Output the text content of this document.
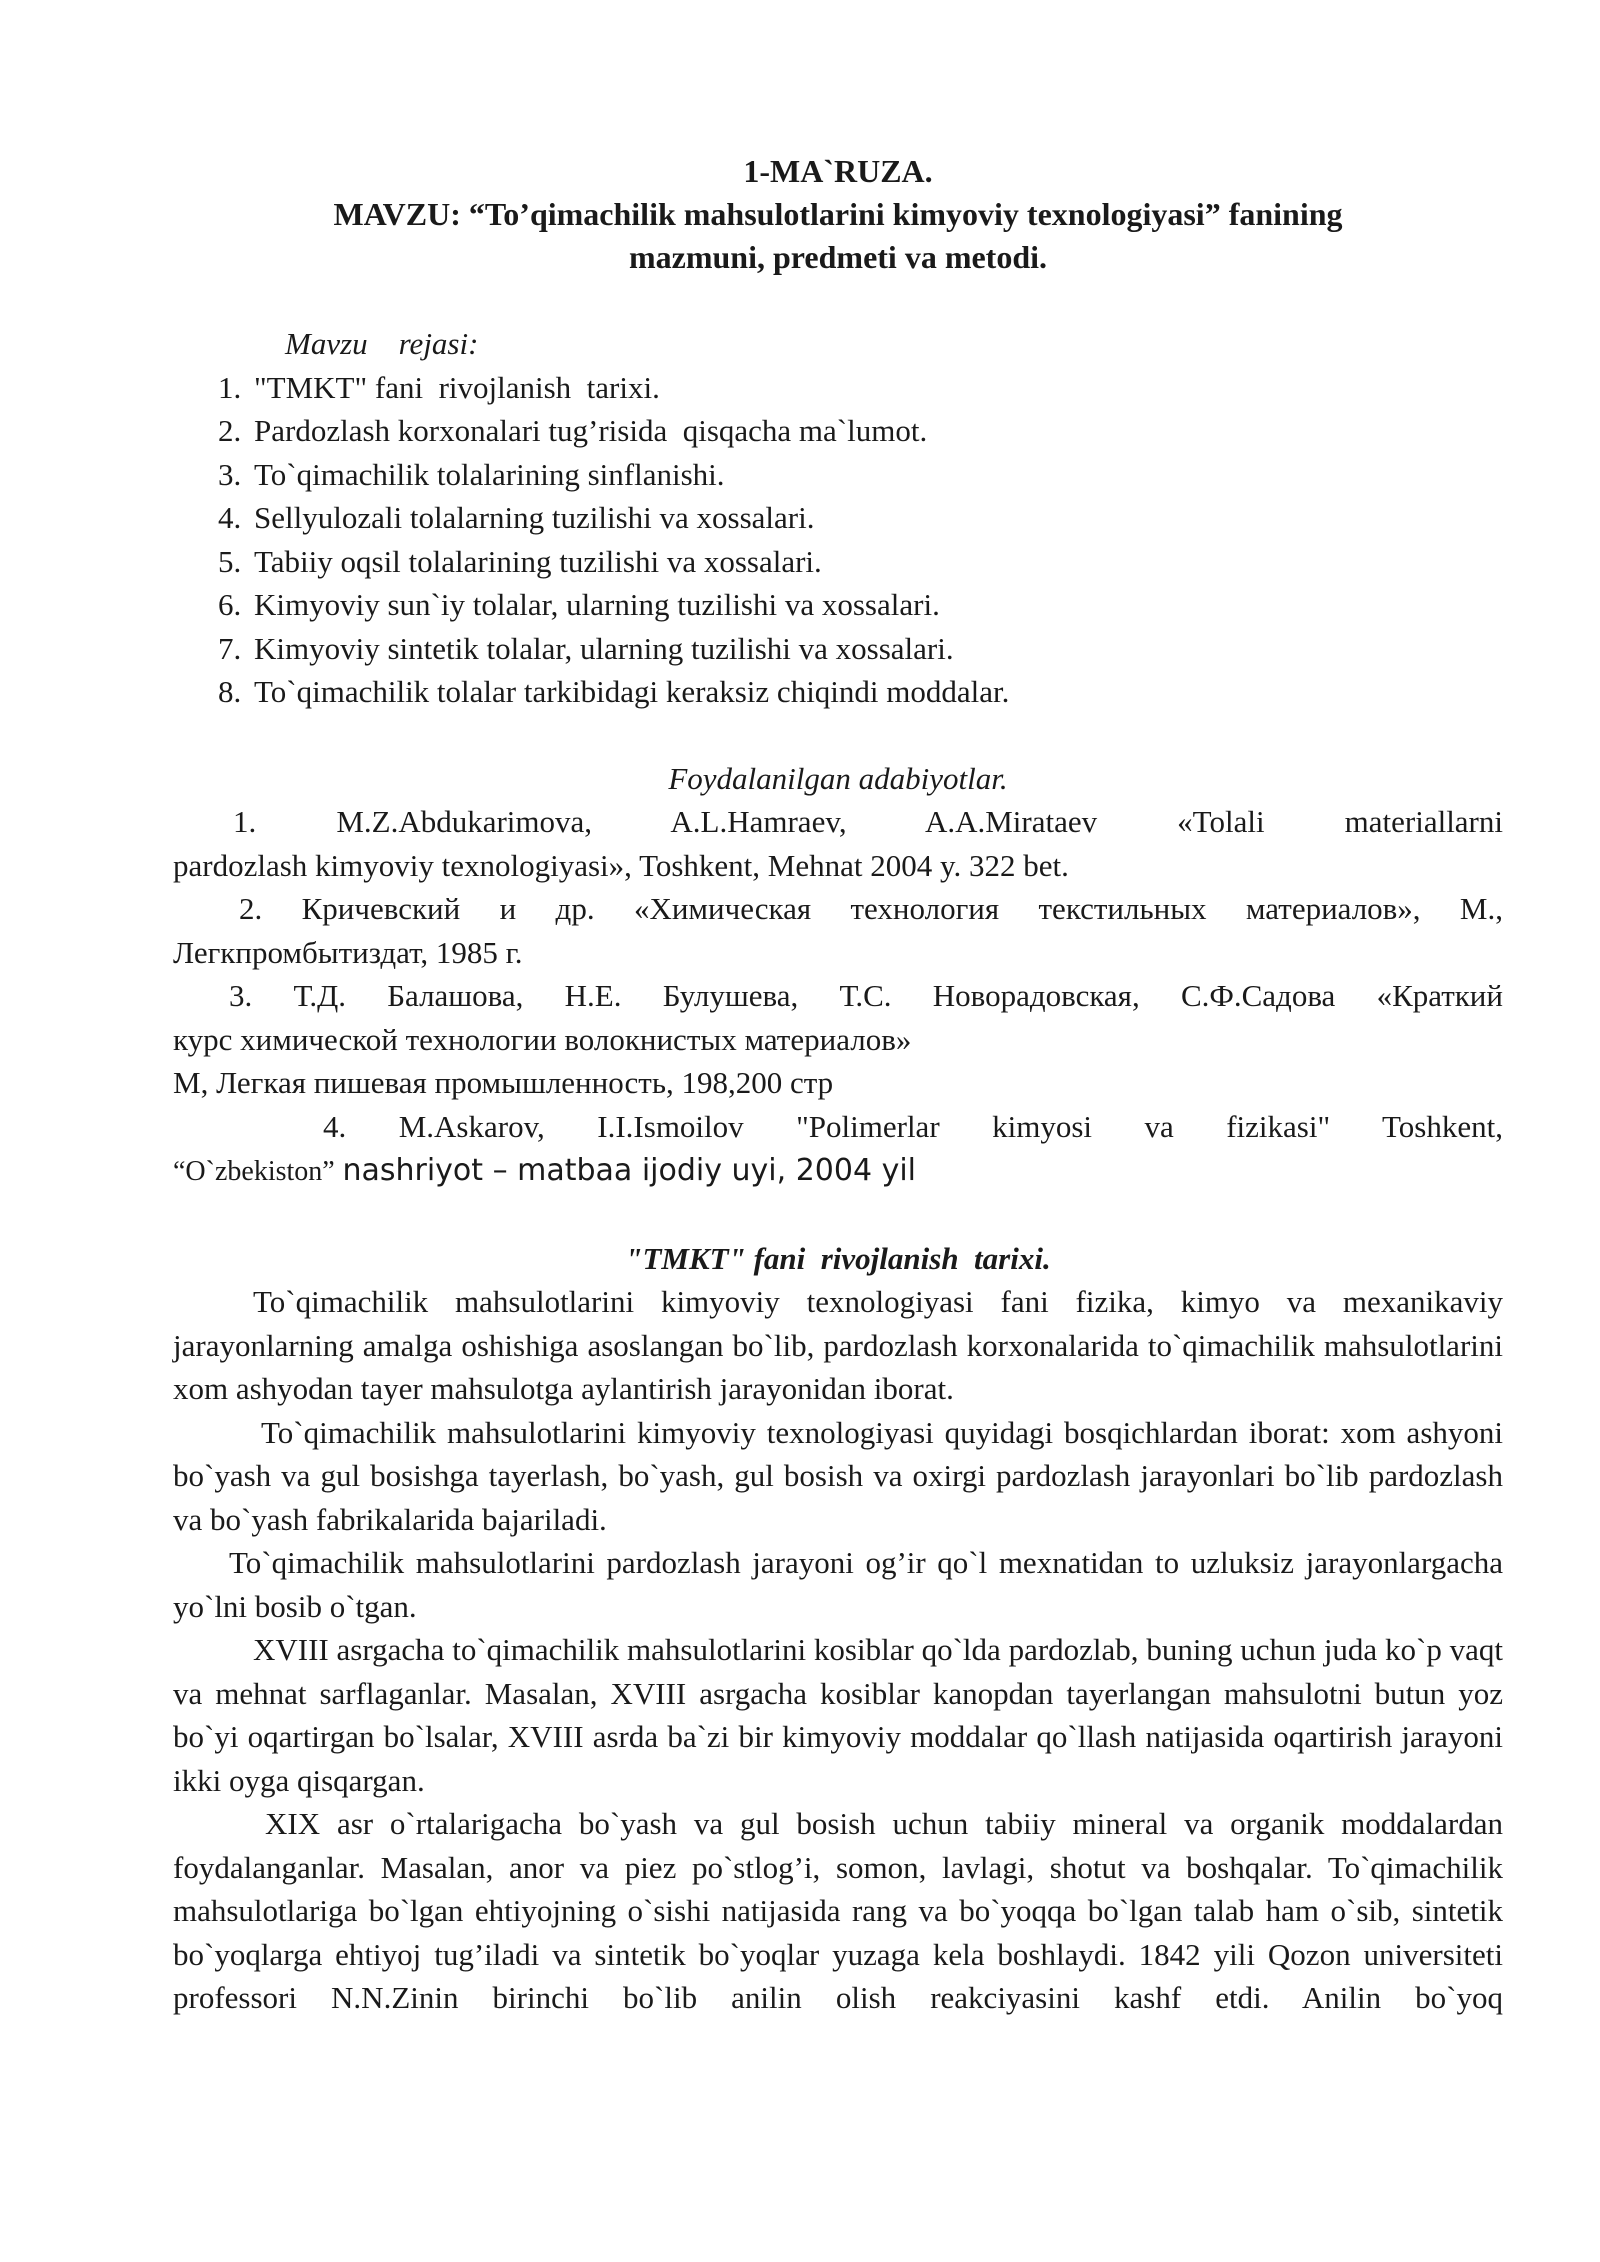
1-MA`RUZA.
MAVZU: “To’qimachilik mahsulotlarini kimyoviy texnologiyasi” fanining
mazmuni, predmeti va metodi.
Mavzu    rejasi:
1. "TMKT" fani  rivojlanish  tarixi.
2. Pardozlash korxonalari tug’risida  qisqacha ma`lumot.
3. To`qimachilik tolalarining sinflanishi.
4. Sellyulozali tolalarning tuzilishi va xossalari.
5. Tabiiy oqsil tolalarining tuzilishi va xossalari.
6. Kimyoviy sun`iy tolalar, ularning tuzilishi va xossalari.
7. Kimyoviy sintetik tolalar, ularning tuzilishi va xossalari.
8. To`qimachilik tolalar tarkibidagi keraksiz chiqindi moddalar.
Foydalanilgan adabiyotlar.
1. M.Z.Abdukarimova, A.L.Hamraev, A.A.Mirataev «Tolali materiallarni
pardozlash kimyoviy texnologiyasi», Toshkent, Mehnat 2004 y. 322 bet.
2. Кричевский и др. «Химическая технология текстильных материалов», М.,
Легкпромбытиздат, 1985 г.
3. Т.Д. Балашова, Н.Е. Булушева, Т.С. Новорадовская, С.Ф.Садова «Краткий
курс химической технологии волокнистых материалов»
М, Легкая пишевая промышленность, 198,200 стр
4. M.Askarov, I.I.Ismoilov "Polimerlar kimyosi va fizikasi" Toshkent,
“O`zbekiston” nashriyot – matbaa ijodiy uyi, 2004 yil
"TMKT" fani  rivojlanish  tarixi.

To`qimachilik mahsulotlarini kimyoviy texnologiyasi fani fizika, kimyo va mexanikaviy jarayonlarning amalga oshishiga asoslangan bo`lib, pardozlash korxonalarida to`qimachilik mahsulotlarini xom ashyodan tayer mahsulotga aylantirish jarayonidan iborat.

To`qimachilik mahsulotlarini kimyoviy texnologiyasi quyidagi bosqichlardan iborat: xom ashyoni bo`yash va gul bosishga tayerlash, bo`yash, gul bosish va oxirgi pardozlash jarayonlari bo`lib pardozlash va bo`yash fabrikalarida bajariladi.

To`qimachilik mahsulotlarini pardozlash jarayoni og’ir qo`l mexnatidan to uzluksiz jarayonlargacha yo`lni bosib o`tgan.

XVIII asrgacha to`qimachilik mahsulotlarini kosiblar qo`lda pardozlab, buning uchun juda ko`p vaqt va mehnat sarflaganlar. Masalan, XVIII asrgacha kosiblar kanopdan tayerlangan mahsulotni butun yoz bo`yi oqartirgan bo`lsalar, XVIII asrda ba`zi bir kimyoviy moddalar qo`llash natijasida oqartirish jarayoni ikki oyga qisqargan.

XIX asr o`rtalarigacha bo`yash va gul bosish uchun tabiiy mineral va organik moddalardan foydalanganlar. Masalan, anor va piez po`stlog’i, somon, lavlagi, shotut va boshqalar. To`qimachilik mahsulotlariga bo`lgan ehtiyojning o`sishi natijasida rang va bo`yoqqa bo`lgan talab ham o`sib, sintetik bo`yoqlarga ehtiyoj tug’iladi va sintetik bo`yoqlar yuzaga kela boshlaydi. 1842 yili Qozon universiteti professori N.N.Zinin birinchi bo`lib anilin olish reakciyasini kashf etdi. Anilin bo`yoq
